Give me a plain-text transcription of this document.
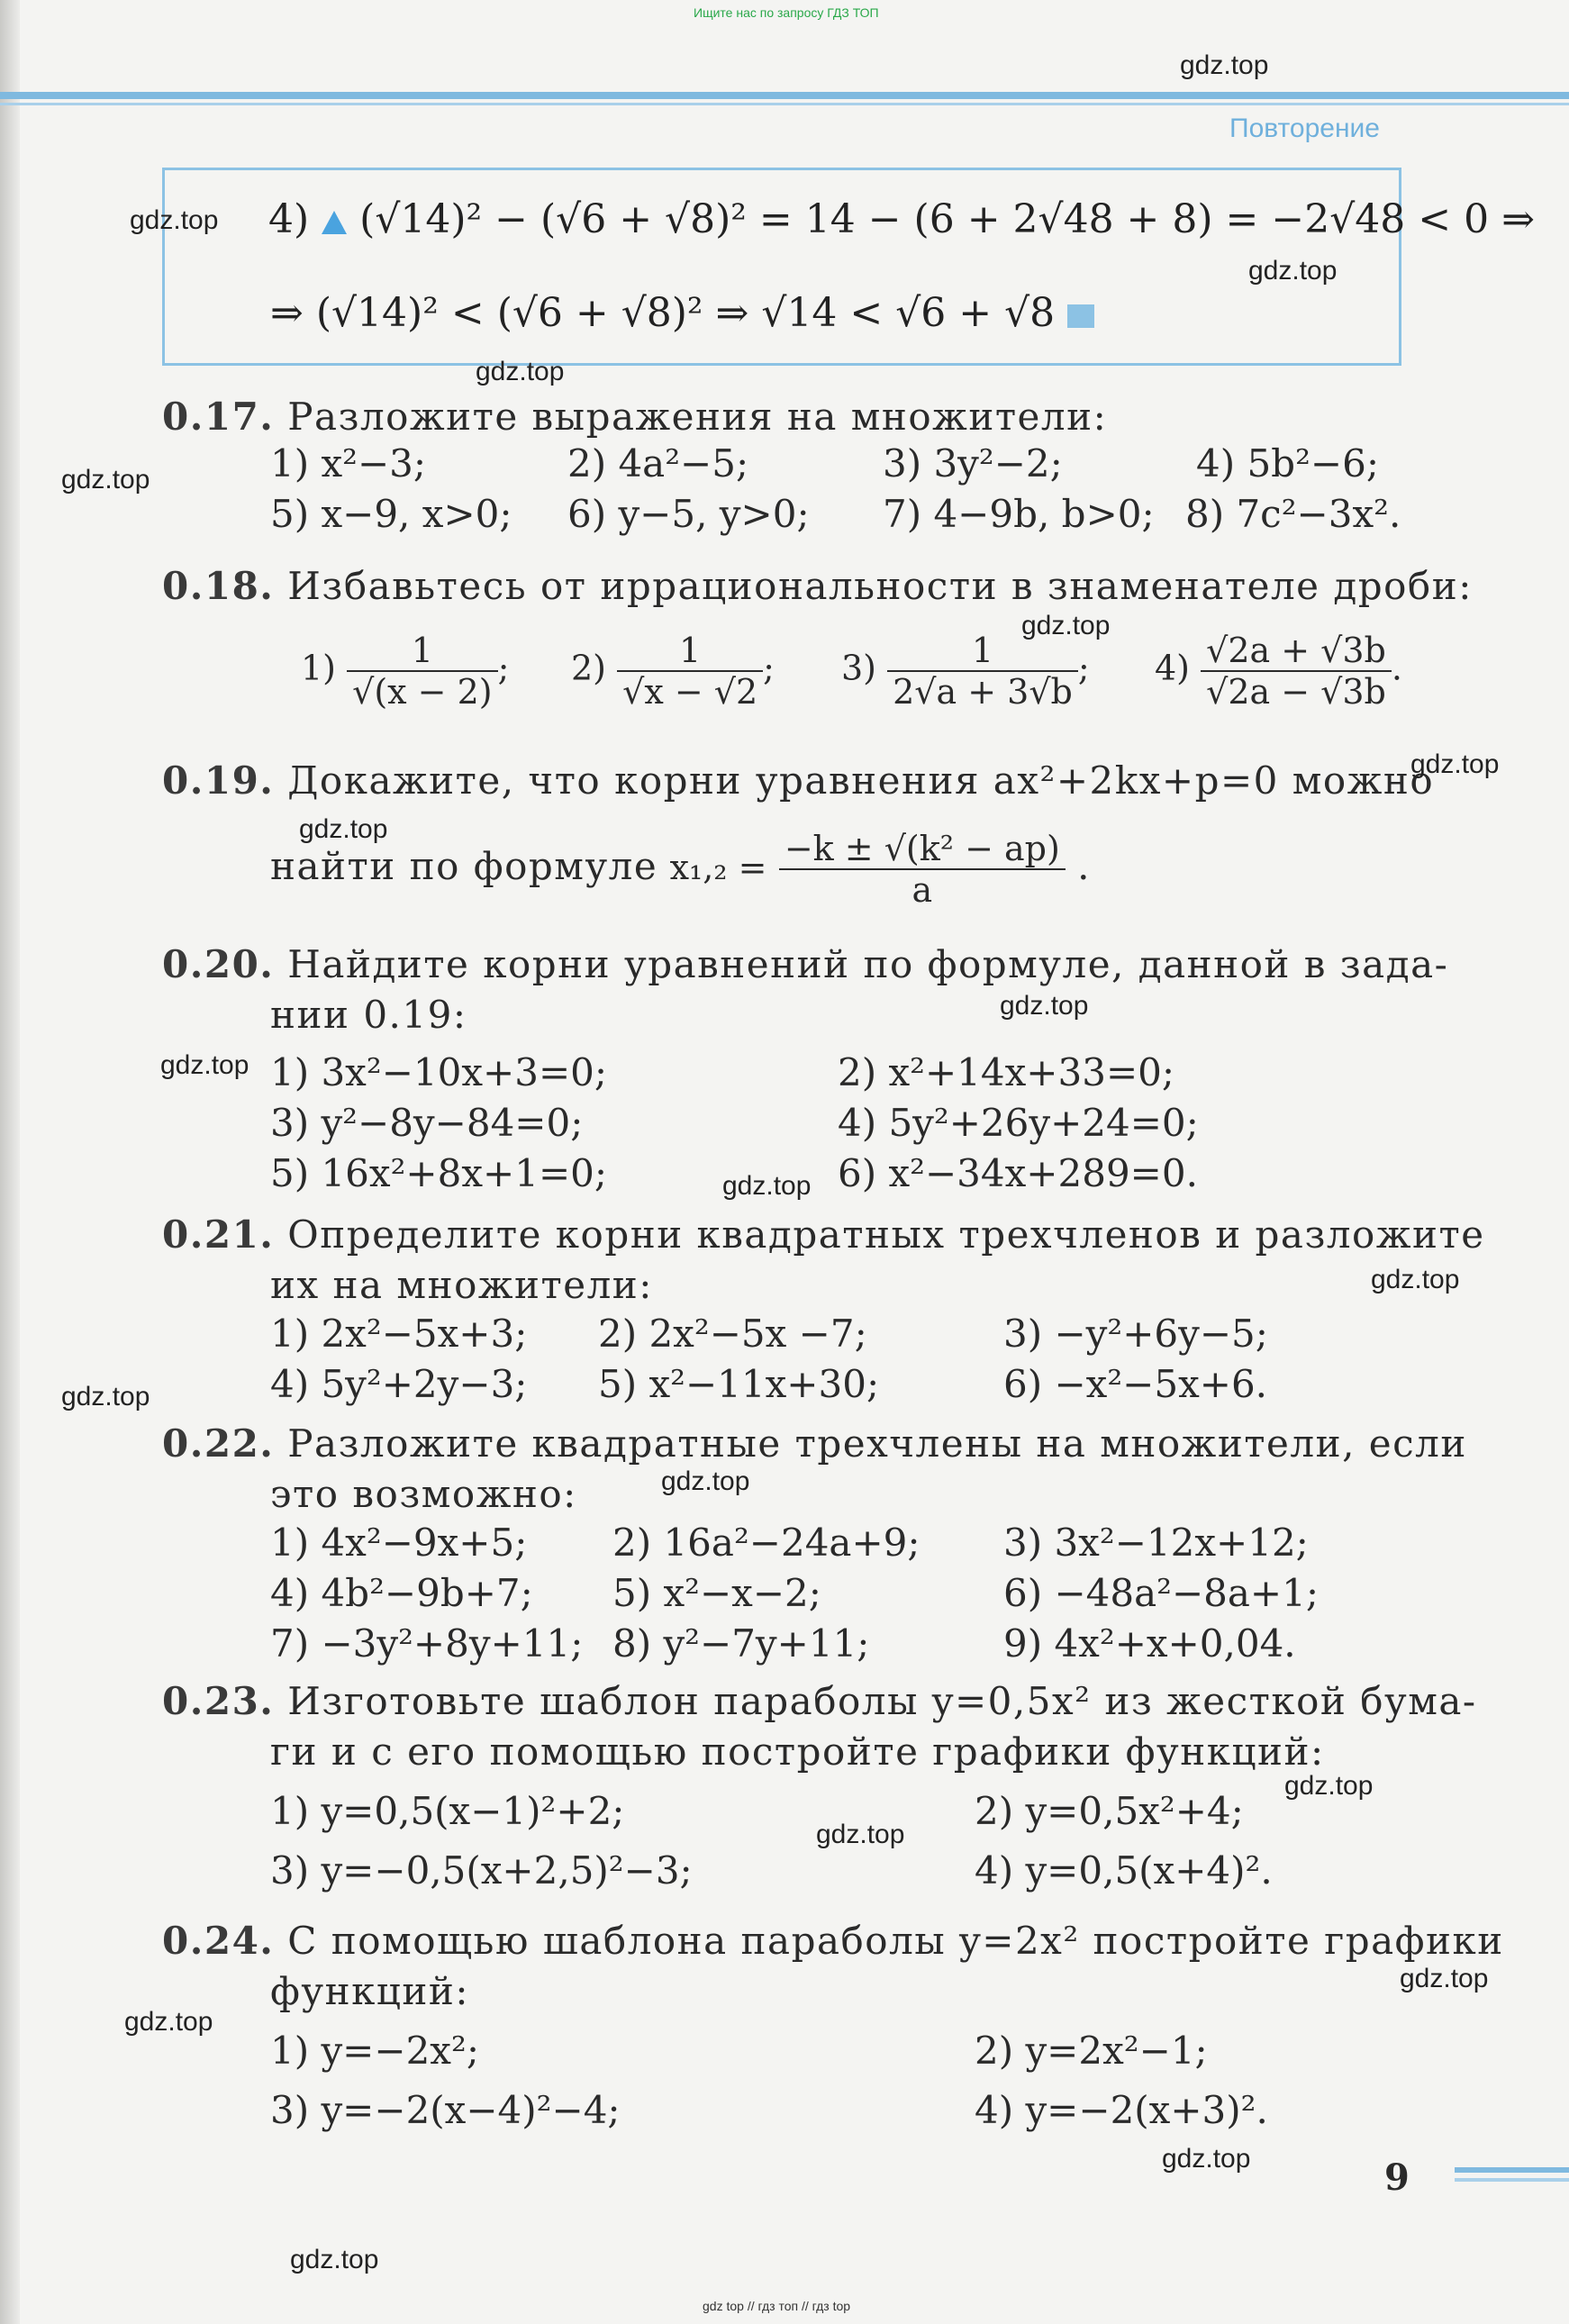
Ищите нас по запросу ГДЗ ТОП
Повторение
4) (√14)² − (√6 + √8)² = 14 − (6 + 2√48 + 8) = −2√48 < 0 ⇒
⇒ (√14)² < (√6 + √8)² ⇒ √14 < √6 + √8
0.17. Разложите выражения на множители:
1) x²−3;	2) 4a²−5;	3) 3y²−2;	4) 5b²−6;
5) x−9, x>0; 6) y−5, y>0; 7) 4−9b, b>0; 8) 7c²−3x².
0.18. Избавьтесь от иррациональности в знаменателе дроби:
$1) \frac{1}{√(x - 2)}$ ; $2) \frac{1}{√x - √2}$ ; $3) \frac{1}{2√a + 3√b}$ ; $4) \frac{√2a + √3b}{√2a - √3b}$ .
0.19. Докажите, что корни уравнения ax²+2kx+p=0 можно
найти по формуле $x_1,_2 = \frac{\text{−k ± √(k² − ap)}}{a}$ .
0.20. Найдите корни уравнений по формуле, данной в зада-
нии 0.19:
1) 3x²−10x+3=0;	2) x²+14x+33=0;
3) y²−8y−84=0;	4) 5y²+26y+24=0;
5) 16x²+8x+1=0;	6) x²−34x+289=0.
0.21. Определите корни квадратных трехчленов и разложите
их на множители:
1) 2x²−5x+3; 2) 2x²−5x −7;	3) −y²+6y−5;
4) 5y²+2y−3; 5) x²−11x+30;	6) −x²−5x+6.
0.22. Разложите квадратные трехчлены на множители, если
это возможно:
1) 4x²−9x+5; 2) 16a²−24a+9; 3) 3x²−12x+12;
4) 4b²−9b+7; 5) x²−x−2;	6) −48a²−8a+1;
7) −3y²+8y+11; 8) y²−7y+11;	9) 4x²+x+0,04.
0.23. Изготовьте шаблон параболы y=0,5x² из жесткой бума-
ги и с его помощью постройте графики функций:
1) y=0,5(x−1)²+2;	2) y=0,5x²+4;
3) y=−0,5(x+2,5)²−3;	4) y=0,5(x+4)².
0.24. С помощью шаблона параболы y=2x² постройте графики
функций:
1) y=−2x²;	2) y=2x²−1;
3) y=−2(x−4)²−4;	4) y=−2(x+3)².
9
gdz top // гдз топ // гдз top
gdz.top
gdz.top
gdz.top
gdz.top
gdz.top
gdz.top
gdz.top
gdz.top
gdz.top
gdz.top
gdz.top
gdz.top
gdz.top
gdz.top
gdz.top
gdz.top
gdz.top
gdz.top
gdz.top
gdz.top
